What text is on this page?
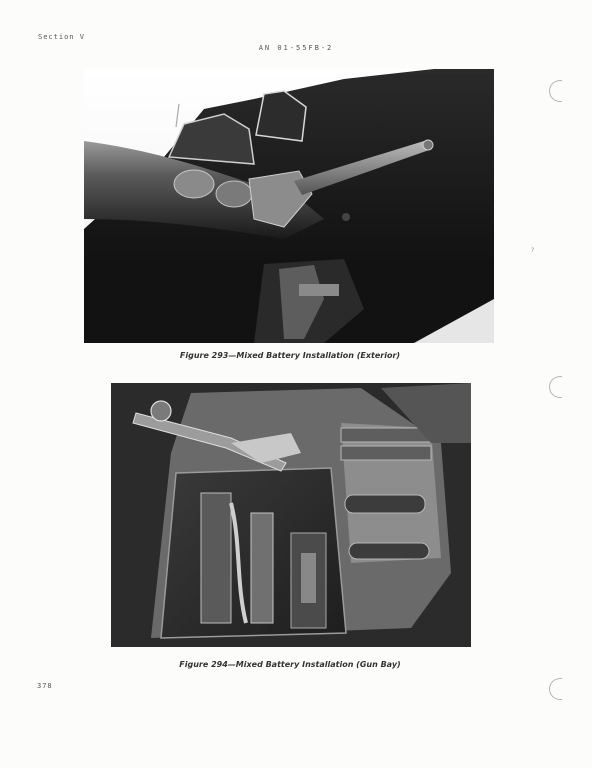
Section V
AN 01-55FB-2
Figure 293—Mixed Battery Installation (Exterior)
Figure 294—Mixed Battery Installation (Gun Bay)
378
?
